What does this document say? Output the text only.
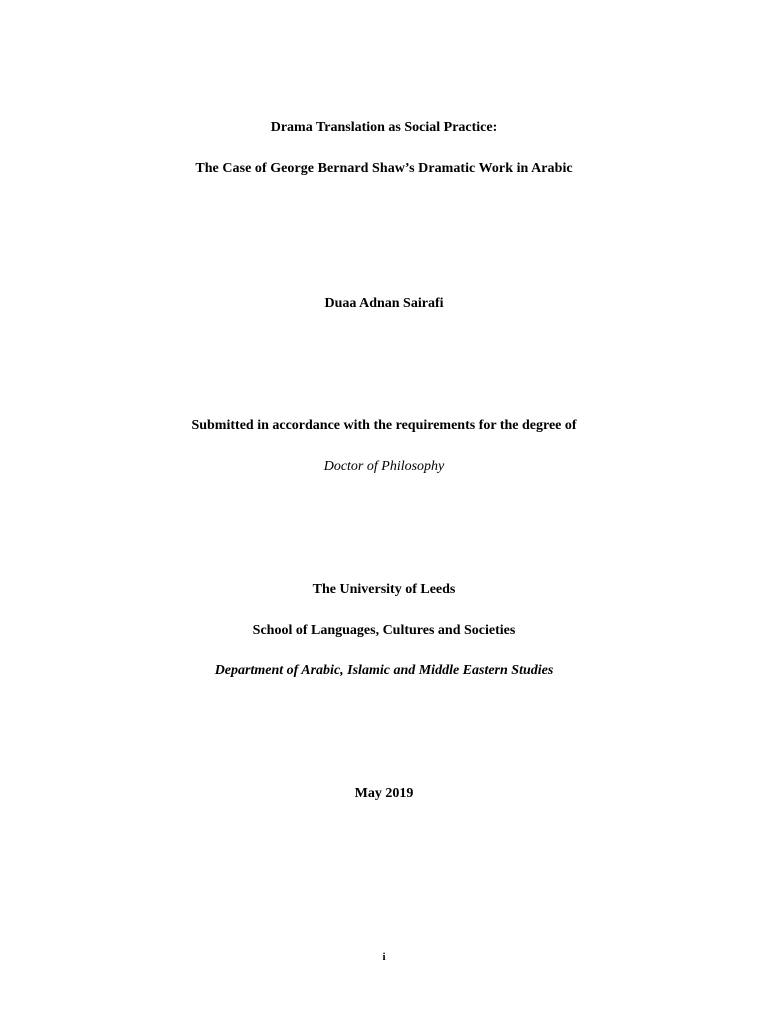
Drama Translation as Social Practice:
The Case of George Bernard Shaw’s Dramatic Work in Arabic
Duaa Adnan Sairafi
Submitted in accordance with the requirements for the degree of
Doctor of Philosophy
The University of Leeds
School of Languages, Cultures and Societies
Department of Arabic, Islamic and Middle Eastern Studies
May 2019
i
